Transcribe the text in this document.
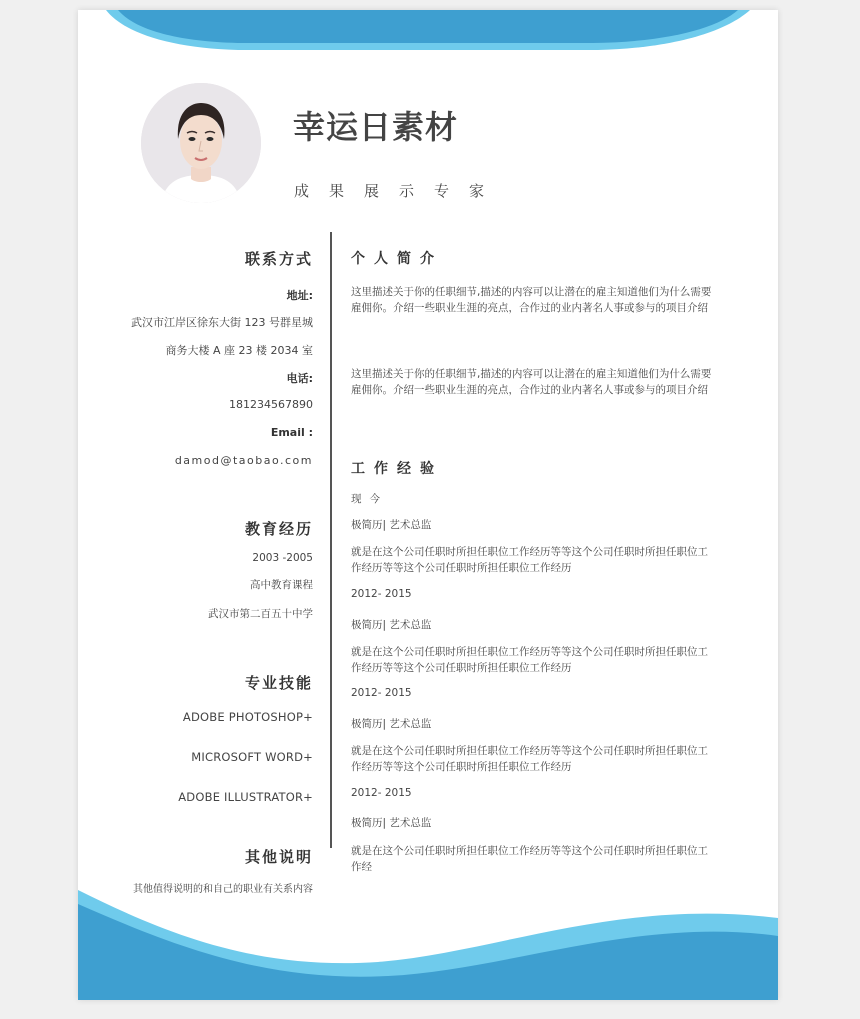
幸运日素材
成果展示专家
联系方式
地址:
武汉市江岸区徐东大街 123 号群星城
商务大楼 A 座 23 楼 2034 室
电话:
181234567890
Email :
damod@taobao.com
教育经历
2003 -2005
高中教育课程
武汉市第二百五十中学
专业技能
ADOBE PHOTOSHOP+
MICROSOFT WORD+
ADOBE ILLUSTRATOR+
其他说明
其他值得说明的和自己的职业有关系内容
个人简介
这里描述关于你的任职细节,描述的内容可以让潜在的雇主知道他们为什么需要雇佣你。介绍一些职业生涯的亮点，合作过的业内著名人事或参与的项目介绍
这里描述关于你的任职细节,描述的内容可以让潜在的雇主知道他们为什么需要雇佣你。介绍一些职业生涯的亮点，合作过的业内著名人事或参与的项目介绍
工作经验
现今
极简历| 艺术总监
就是在这个公司任职时所担任职位工作经历等等这个公司任职时所担任职位工作经历等等这个公司任职时所担任职位工作经历
2012- 2015
极简历| 艺术总监
就是在这个公司任职时所担任职位工作经历等等这个公司任职时所担任职位工作经历等等这个公司任职时所担任职位工作经历
2012- 2015
极简历| 艺术总监
就是在这个公司任职时所担任职位工作经历等等这个公司任职时所担任职位工作经历等等这个公司任职时所担任职位工作经历
2012- 2015
极简历| 艺术总监
就是在这个公司任职时所担任职位工作经历等等这个公司任职时所担任职位工作经
